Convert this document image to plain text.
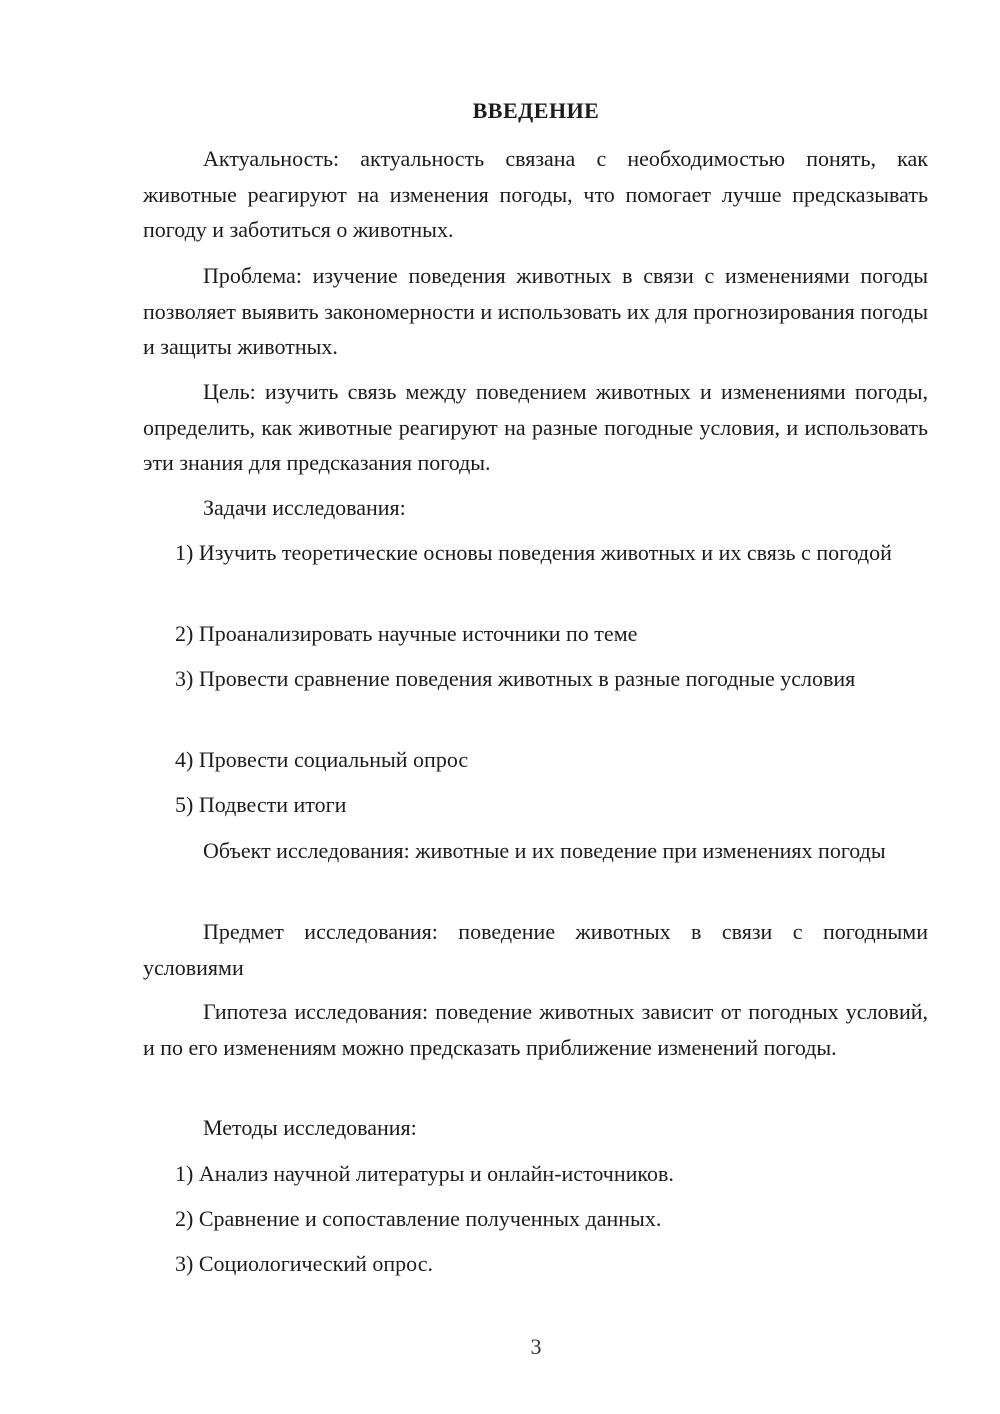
ВВЕДЕНИЕ
Актуальность: актуальность связана с необходимостью понять, как животные реагируют на изменения погоды, что помогает лучше предсказывать погоду и заботиться о животных.
Проблема: изучение поведения животных в связи с изменениями погоды позволяет выявить закономерности и использовать их для прогнозирования погоды и защиты животных.
Цель: изучить связь между поведением животных и изменениями погоды, определить, как животные реагируют на разные погодные условия, и использовать эти знания для предсказания погоды.
Задачи исследования:
1) Изучить теоретические основы поведения животных и их связь с погодой
2) Проанализировать научные источники по теме
3) Провести сравнение поведения животных в разные погодные условия
4) Провести социальный опрос
5) Подвести итоги
Объект исследования: животные и их поведение при изменениях погоды
Предмет исследования: поведение животных в связи с погодными условиями
Гипотеза исследования: поведение животных зависит от погодных условий, и по его изменениям можно предсказать приближение изменений погоды.
Методы исследования:
1) Анализ научной литературы и онлайн-источников.
2) Сравнение и сопоставление полученных данных.
3) Социологический опрос.
3
